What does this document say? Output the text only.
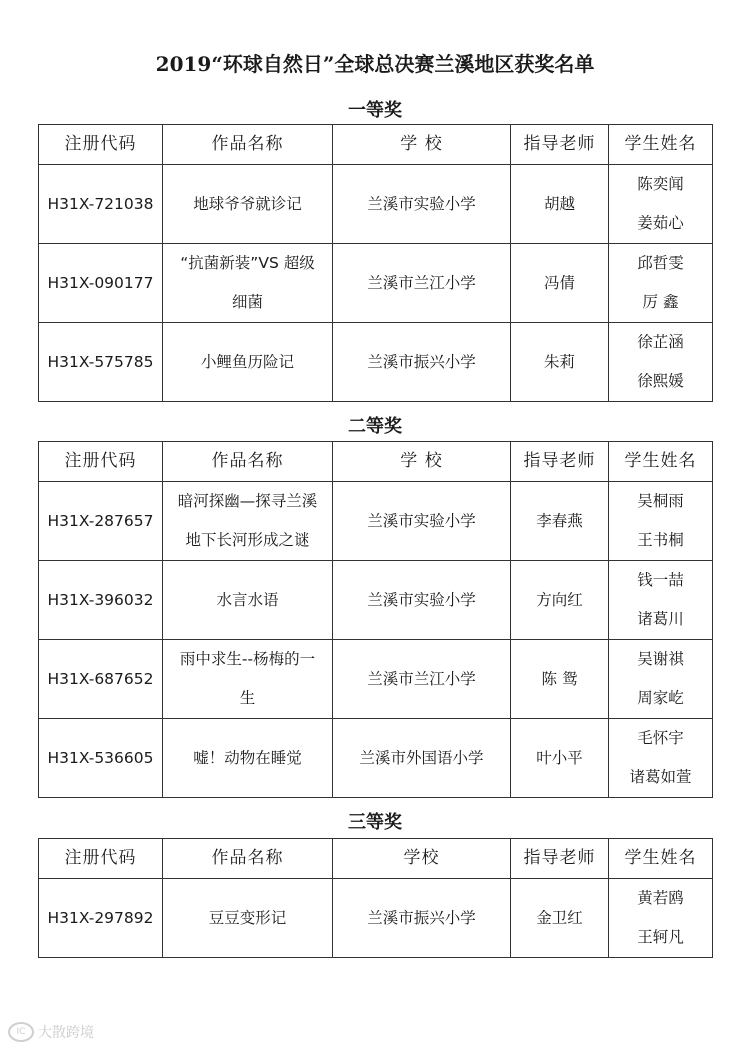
2019“环球自然日”全球总决赛兰溪地区获奖名单
一等奖
注册代码	作品名称	学 校	指导老师	学生姓名
H31X-721038	地球爷爷就诊记	兰溪市实验小学	胡越	陈奕闻
姜茹心

H31X-090177	“抗菌新装”VS 超级细菌	兰溪市兰江小学	冯倩	邱哲雯
厉 鑫

H31X-575785	小鲤鱼历险记	兰溪市振兴小学	朱莉	徐芷涵
徐熙媛
二等奖
注册代码	作品名称	学 校	指导老师	学生姓名
H31X-287657	暗河探幽—探寻兰溪地下长河形成之谜	兰溪市实验小学	李春燕	吴桐雨
王书桐

H31X-396032	水言水语	兰溪市实验小学	方向红	钱一喆
诸葛川

H31X-687652	雨中求生--杨梅的一生	兰溪市兰江小学	陈 鸳	吴谢祺
周家屹

H31X-536605	嘘！动物在睡觉	兰溪市外国语小学	叶小平	毛怀宇
诸葛如萱
三等奖
注册代码	作品名称	学校	指导老师	学生姓名
H31X-297892	豆豆变形记	兰溪市振兴小学	金卫红	黄若鸥
王轲凡
IC 大散跨境
